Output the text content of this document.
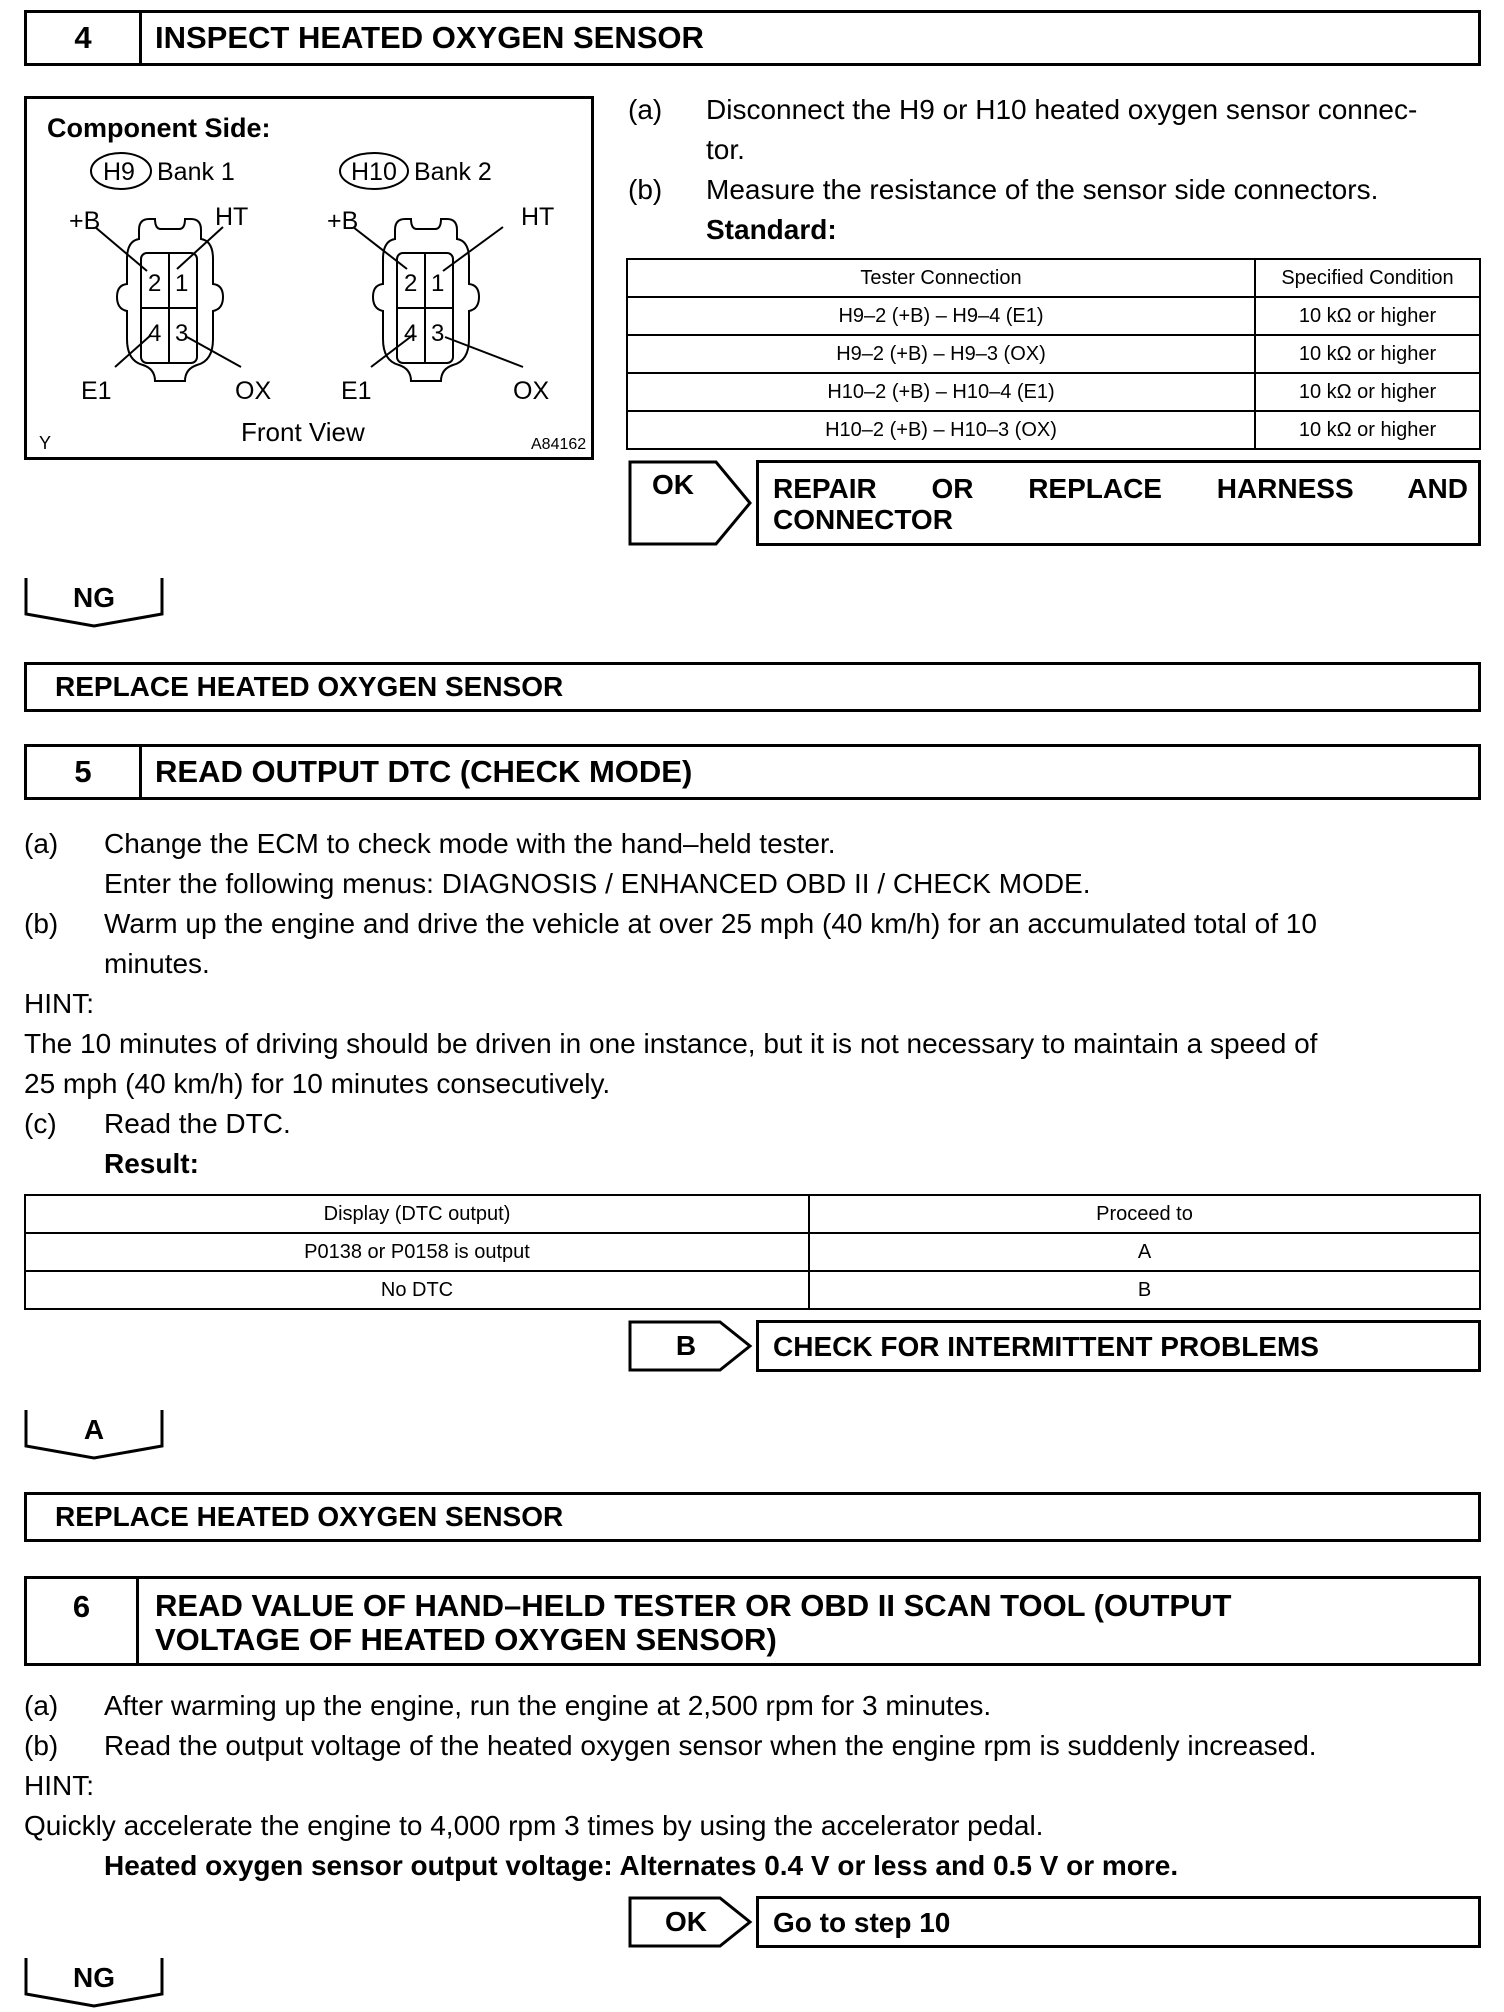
4	INSPECT HEATED OXYGEN SENSOR
Component Side:
H9 Bank 1	H10 Bank 2
+B	HT
2 1
4 3
E1	OX
+B	HT
2 1
4 3
E1	OX
Front View
Y	A84162
(a) Disconnect the H9 or H10 heated oxygen sensor connec-
tor.
(b) Measure the resistance of the sensor side connectors.
Standard:
Tester Connection	Specified Condition
H9–2 (+B) – H9–4 (E1)	10 kΩ or higher
H9–2 (+B) – H9–3 (OX)	10 kΩ or higher
H10–2 (+B) – H10–4 (E1)	10 kΩ or higher
H10–2 (+B) – H10–3 (OX)	10 kΩ or higher
OK	REPAIR OR REPLACE HARNESS AND
CONNECTOR
NG
REPLACE HEATED OXYGEN SENSOR
5	READ OUTPUT DTC (CHECK MODE)
(a) Change the ECM to check mode with the hand–held tester.
Enter the following menus: DIAGNOSIS / ENHANCED OBD II / CHECK MODE.
(b) Warm up the engine and drive the vehicle at over 25 mph (40 km/h) for an accumulated total of 10
minutes.
HINT:
The 10 minutes of driving should be driven in one instance, but it is not necessary to maintain a speed of
25 mph (40 km/h) for 10 minutes consecutively.
(c) Read the DTC.
Result:
Display (DTC output)	Proceed to
P0138 or P0158 is output	A
No DTC	B
B	CHECK FOR INTERMITTENT PROBLEMS
A
REPLACE HEATED OXYGEN SENSOR
6	READ VALUE OF HAND–HELD TESTER OR OBD II SCAN TOOL (OUTPUT
VOLTAGE OF HEATED OXYGEN SENSOR)
(a) After warming up the engine, run the engine at 2,500 rpm for 3 minutes.
(b) Read the output voltage of the heated oxygen sensor when the engine rpm is suddenly increased.
HINT:
Quickly accelerate the engine to 4,000 rpm 3 times by using the accelerator pedal.
Heated oxygen sensor output voltage: Alternates 0.4 V or less and 0.5 V or more.
OK	Go to step 10
NG
